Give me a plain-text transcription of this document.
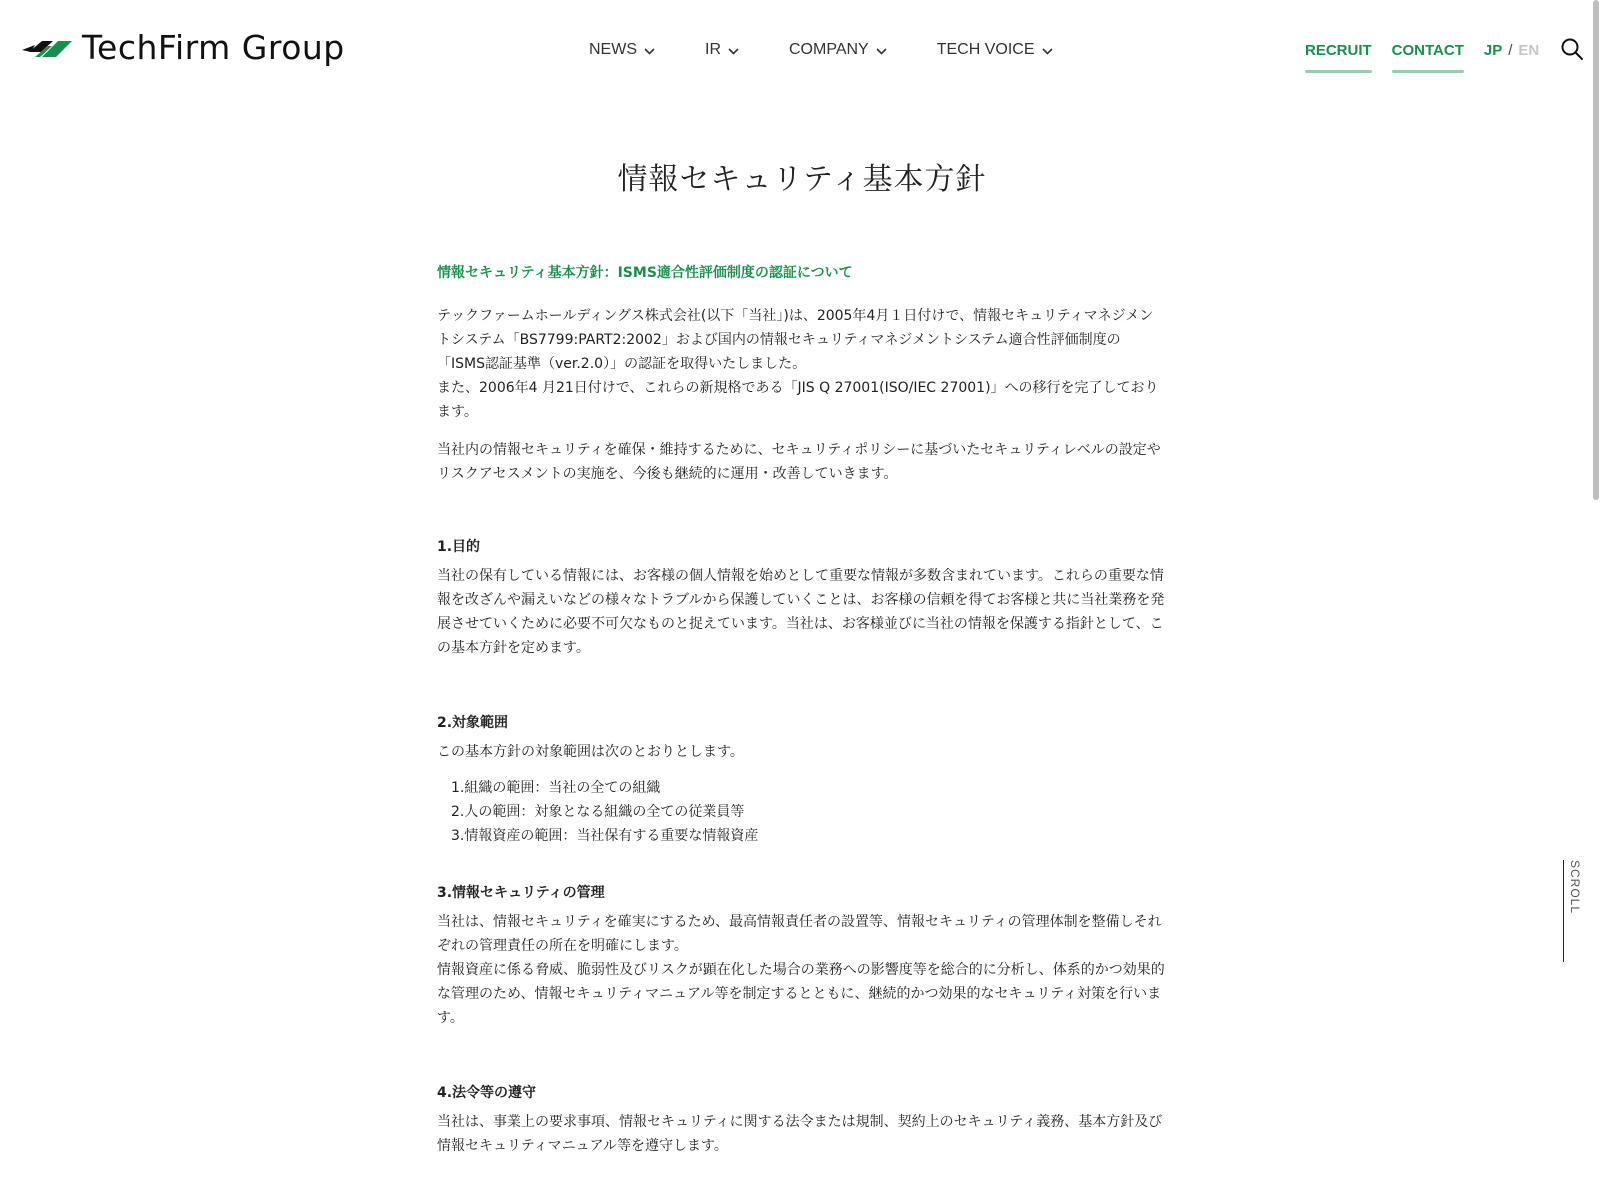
TechFirm Group	NEWS	IR	COMPANY	TECH VOICE	RECRUIT CONTACT JP / EN
SCROLL
情報セキュリティ基本方針
情報セキュリティ基本方針：ISMS適合性評価制度の認証について

テックファームホールディングス株式会社(以下「当社」)は、2005年4月１日付けで、情報セキュリティマネジメントシステム「BS7799:PART2:2002」および国内の情報セキュリティマネジメントシステム適合性評価制度の「ISMS認証基準（ver.2.0）」の認証を取得いたしました。

また、2006年4 月21日付けで、これらの新規格である「JIS Q 27001(ISO/IEC 27001)」への移行を完了しております。

当社内の情報セキュリティを確保・維持するために、セキュリティポリシーに基づいたセキュリティレベルの設定やリスクアセスメントの実施を、今後も継続的に運用・改善していきます。

1.目的

当社の保有している情報には、お客様の個人情報を始めとして重要な情報が多数含まれています。これらの重要な情報を改ざんや漏えいなどの様々なトラブルから保護していくことは、お客様の信頼を得てお客様と共に当社業務を発展させていくために必要不可欠なものと捉えています。当社は、お客様並びに当社の情報を保護する指針として、この基本方針を定めます。

2.対象範囲

この基本方針の対象範囲は次のとおりとします。

1.組織の範囲：当社の全ての組織
2.人の範囲：対象となる組織の全ての従業員等
3.情報資産の範囲：当社保有する重要な情報資産
3.情報セキュリティの管理

当社は、情報セキュリティを確実にするため、最高情報責任者の設置等、情報セキュリティの管理体制を整備しそれぞれの管理責任の所在を明確にします。

情報資産に係る脅威、脆弱性及びリスクが顕在化した場合の業務への影響度等を総合的に分析し、体系的かつ効果的な管理のため、情報セキュリティマニュアル等を制定するとともに、継続的かつ効果的なセキュリティ対策を行います。

4.法令等の遵守

当社は、事業上の要求事項、情報セキュリティに関する法令または規制、契約上のセキュリティ義務、基本方針及び情報セキュリティマニュアル等を遵守します。
